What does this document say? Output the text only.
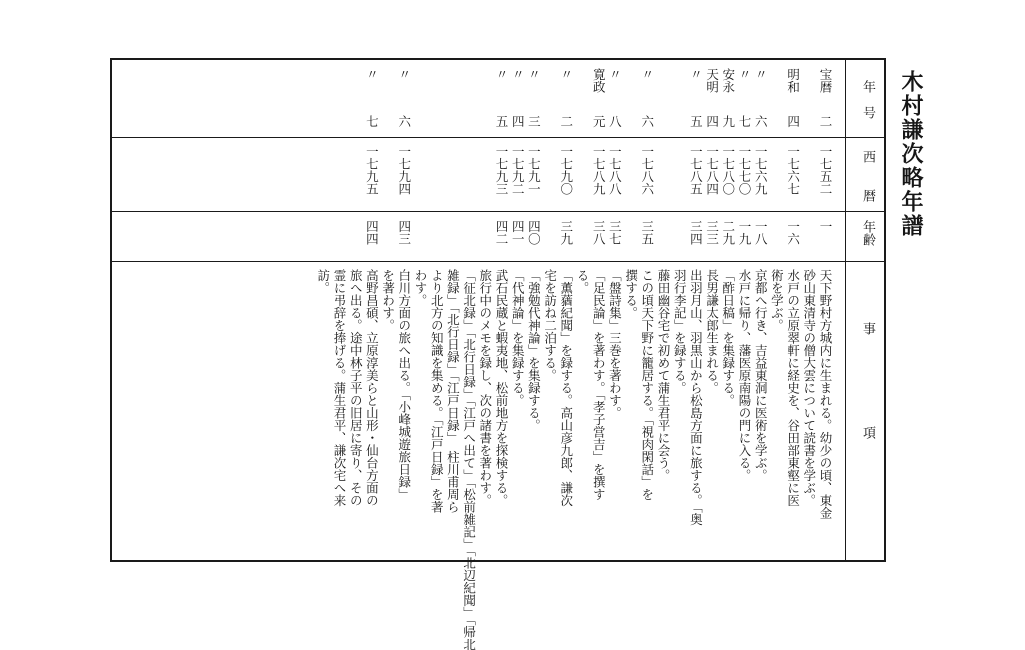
木村謙次略年譜
年　号
西　　暦
年齢
事　　　　　　　項
宝暦
二
一七五二
一
天下野村方城内に生まれる。幼少の頃、東金
砂山東清寺の僧大雲について読書を学ぶ。
明和
四
一七六七
一六
水戸の立原翠軒に経史を、谷田部東壑に医
術を学ぶ。
〃
六
一七六九
一八
京都へ行き、吉益東洞に医術を学ぶ。
〃
七
一七七〇
一九
水戸に帰り、藩医原南陽の門に入る。
安永
九
一七八〇
二九
「酢日稿」を集録する。
天明
四
一七八四
三三
長男謙太郎生まれる。
〃
五
一七八五
三四
出羽月山、羽黒山から松島方面に旅する。「奥
羽行李記」を録する。
藤田幽谷宅で初めて蒲生君平に会う。
〃
六
一七八六
三五
この頃天下野に籠居する。「視肉閑話」を
撰する。
〃
八
一七八八
三七
「盤詩集」三巻を著わす。
寛政
元
一七八九
三八
「足民論」を著わす。「孝子営吉」を撰す
る。
〃
二
一七九〇
三九
「薫蕕紀聞」を録する。高山彦九郎、謙次
宅を訪ね二泊する。
〃
三
一七九一
四〇
「強勉代神論」を集録する。
〃
四
一七九二
四一
「代神論」を集録する。
〃
五
一七九三
四二
武石民蔵と蝦夷地、松前地方を探検する。
旅行中のメモを録し、次の諸書を著わす。
「征北録」「北行日録」「江戸へ出て」「松前雑記」「北辺紀聞」「帰北
雑録」「北行日録」「江戸日録」　柱川甫周ら
より北方の知識を集める。「江戸日録」を著
わす。
〃
六
一七九四
四三
白川方面の旅へ出る。「小峰城遊旅日録」
を著わす。
〃
七
一七九五
四四
高野昌碩、立原淳美らと山形・仙台方面の
旅へ出る。途中林子平の旧居に寄り、その
霊に弔辞を捧げる。蒲生君平、謙次宅へ来
訪。
